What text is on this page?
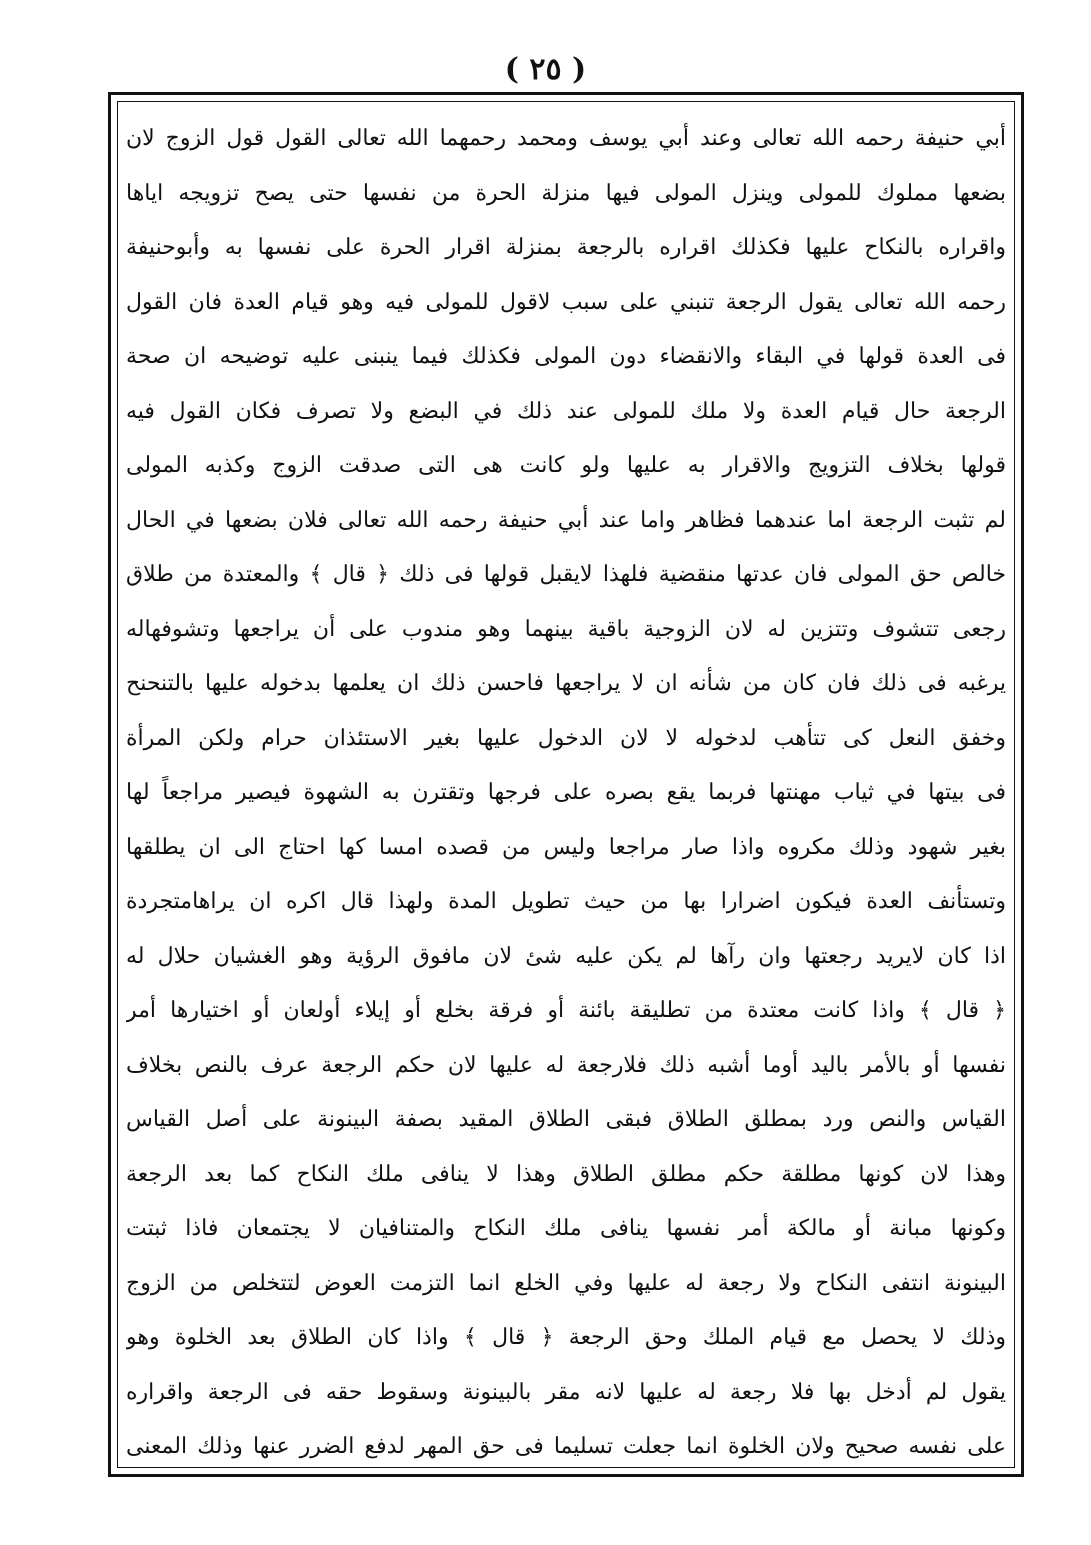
( ٢٥ )
أبي حنيفة رحمه الله تعالى وعند أبي يوسف ومحمد رحمهما الله تعالى القول قول الزوج لان
بضعها مملوك للمولى وينزل المولى فيها منزلة الحرة من نفسها حتى يصح تزويجه اياها
واقراره بالنكاح عليها فكذلك اقراره بالرجعة بمنزلة اقرار الحرة على نفسها به وأبوحنيفة
رحمه الله تعالى يقول الرجعة تنبني على سبب لاقول للمولى فيه وهو قيام العدة فان القول
فى العدة قولها في البقاء والانقضاء دون المولى فكذلك فيما ينبنى عليه توضيحه ان صحة
الرجعة حال قيام العدة ولا ملك للمولى عند ذلك في البضع ولا تصرف فكان القول فيه
قولها بخلاف التزويج والاقرار به عليها ولو كانت هى التى صدقت الزوج وكذبه المولى
لم تثبت الرجعة اما عندهما فظاهر واما عند أبي حنيفة رحمه الله تعالى فلان بضعها في الحال
خالص حق المولى فان عدتها منقضية فلهذا لايقبل قولها فى ذلك ﴿ قال ﴾ والمعتدة من طلاق
رجعى تتشوف وتتزين له لان الزوجية باقية بينهما وهو مندوب على أن يراجعها وتشوفهاله
يرغبه فى ذلك فان كان من شأنه ان لا يراجعها فاحسن ذلك ان يعلمها بدخوله عليها بالتنحنح
وخفق النعل كى تتأهب لدخوله لا لان الدخول عليها بغير الاستئذان حرام ولكن المرأة
فى بيتها في ثياب مهنتها فربما يقع بصره على فرجها وتقترن به الشهوة فيصير مراجعاً لها
بغير شهود وذلك مكروه واذا صار مراجعا وليس من قصده امسا كها احتاج الى ان يطلقها
وتستأنف العدة فيكون اضرارا بها من حيث تطويل المدة ولهذا قال اكره ان يراهامتجردة
اذا كان لايريد رجعتها وان رآها لم يكن عليه شئ لان مافوق الرؤية وهو الغشيان حلال له
﴿ قال ﴾ واذا كانت معتدة من تطليقة بائنة أو فرقة بخلع أو إيلاء أولعان أو اختيارها أمر
نفسها أو بالأمر باليد أوما أشبه ذلك فلارجعة له عليها لان حكم الرجعة عرف بالنص بخلاف
القياس والنص ورد بمطلق الطلاق فبقى الطلاق المقيد بصفة البينونة على أصل القياس
وهذا لان كونها مطلقة حكم مطلق الطلاق وهذا لا ينافى ملك النكاح كما بعد الرجعة
وكونها مبانة أو مالكة أمر نفسها ينافى ملك النكاح والمتنافيان لا يجتمعان فاذا ثبتت
البينونة انتفى النكاح ولا رجعة له عليها وفي الخلع انما التزمت العوض لتتخلص من الزوج
وذلك لا يحصل مع قيام الملك وحق الرجعة ﴿ قال ﴾ واذا كان الطلاق بعد الخلوة وهو
يقول لم أدخل بها فلا رجعة له عليها لانه مقر بالبينونة وسقوط حقه فى الرجعة واقراره
على نفسه صحيح ولان الخلوة انما جعلت تسليما فى حق المهر لدفع الضرر عنها وذلك المعنى
